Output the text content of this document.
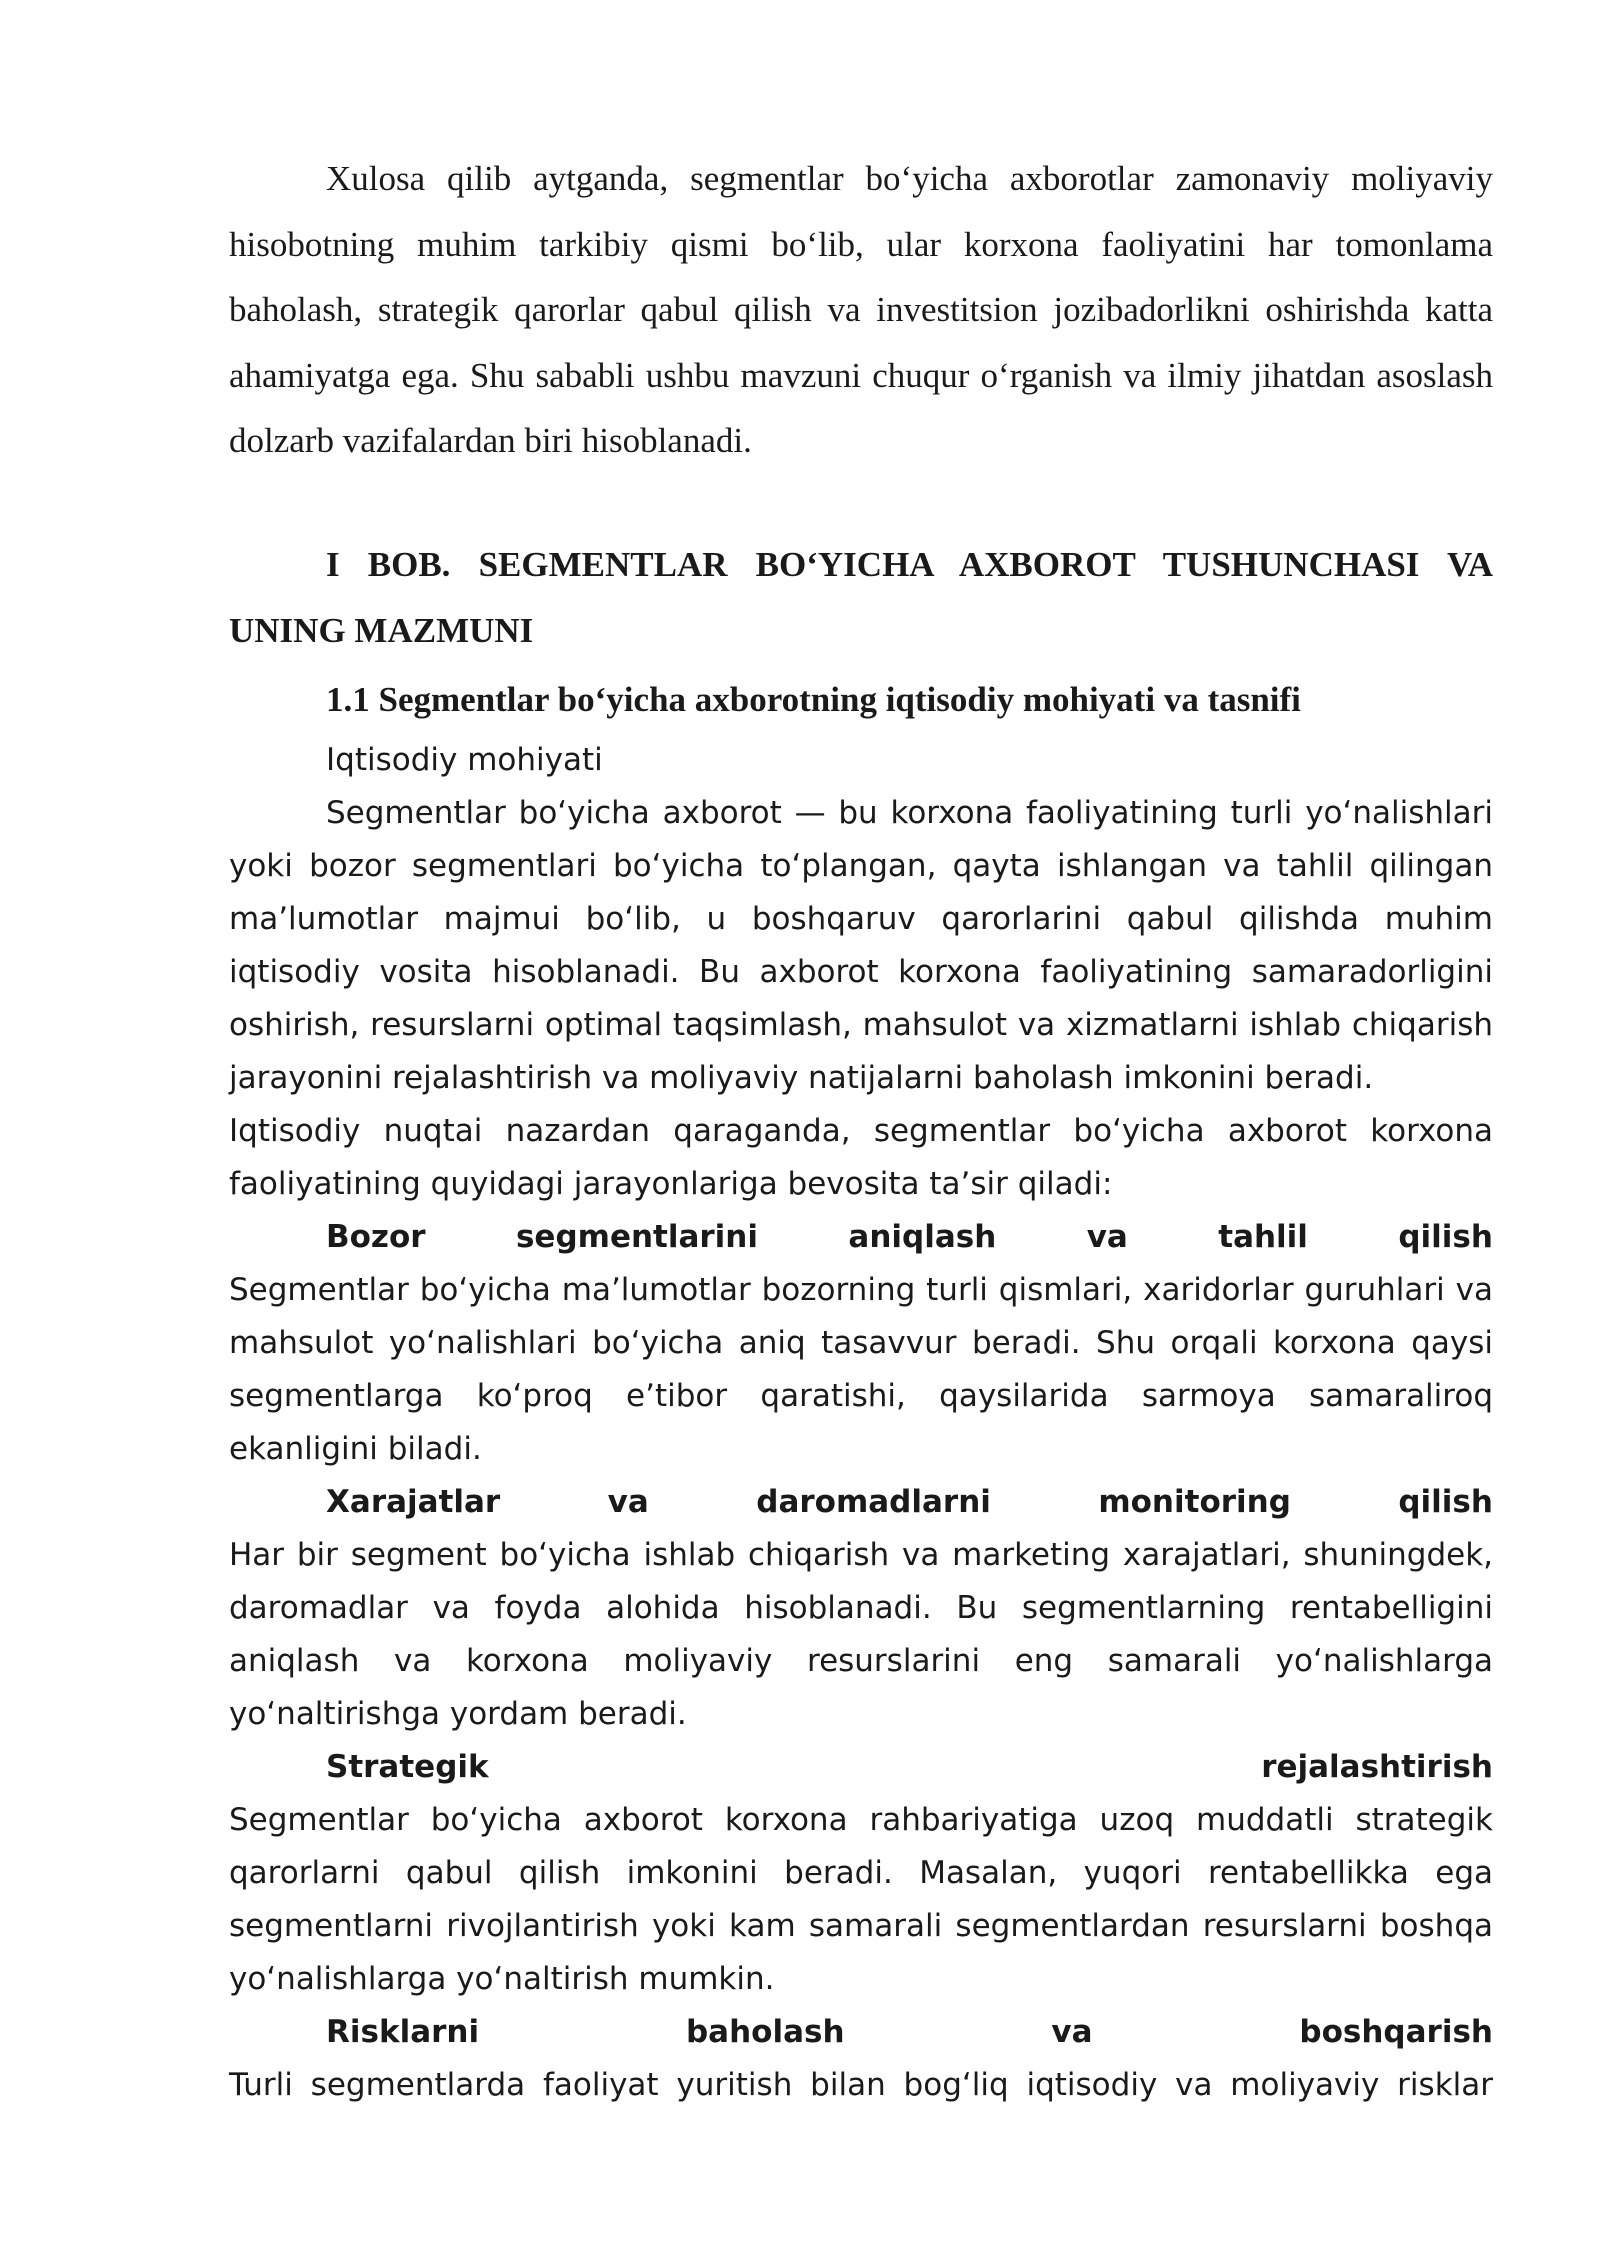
Xulosa qilib aytganda, segmentlar bo‘yicha axborotlar zamonaviy moliyaviy hisobotning muhim tarkibiy qismi bo‘lib, ular korxona faoliyatini har tomonlama baholash, strategik qarorlar qabul qilish va investitsion jozibadorlikni oshirishda katta ahamiyatga ega. Shu sababli ushbu mavzuni chuqur o‘rganish va ilmiy jihatdan asoslash dolzarb vazifalardan biri hisoblanadi.

I BOB. SEGMENTLAR BO‘YICHA AXBOROT TUSHUNCHASI VA UNING MAZMUNI
1.1 Segmentlar bo‘yicha axborotning iqtisodiy mohiyati va tasnifi
Iqtisodiy mohiyati

Segmentlar bo‘yicha axborot — bu korxona faoliyatining turli yo‘nalishlari yoki bozor segmentlari bo‘yicha to‘plangan, qayta ishlangan va tahlil qilingan ma’lumotlar majmui bo‘lib, u boshqaruv qarorlarini qabul qilishda muhim iqtisodiy vosita hisoblanadi. Bu axborot korxona faoliyatining samaradorligini oshirish, resurslarni optimal taqsimlash, mahsulot va xizmatlarni ishlab chiqarish jarayonini rejalashtirish va moliyaviy natijalarni baholash imkonini beradi.

Iqtisodiy nuqtai nazardan qaraganda, segmentlar bo‘yicha axborot korxona faoliyatining quyidagi jarayonlariga bevosita ta’sir qiladi:

Bozor	segmentlarini	aniqlash	va	tahlil	qilish

Segmentlar bo‘yicha ma’lumotlar bozorning turli qismlari, xaridorlar guruhlari va mahsulot yo‘nalishlari bo‘yicha aniq tasavvur beradi. Shu orqali korxona qaysi segmentlarga ko‘proq e’tibor qaratishi, qaysilarida sarmoya samaraliroq ekanligini biladi.

Xarajatlar	va	daromadlarni	monitoring	qilish

Har bir segment bo‘yicha ishlab chiqarish va marketing xarajatlari, shuningdek, daromadlar va foyda alohida hisoblanadi. Bu segmentlarning rentabelligini aniqlash va korxona moliyaviy resurslarini eng samarali yo‘nalishlarga yo‘naltirishga yordam beradi.

Strategik	rejalashtirish

Segmentlar bo‘yicha axborot korxona rahbariyatiga uzoq muddatli strategik qarorlarni qabul qilish imkonini beradi. Masalan, yuqori rentabellikka ega segmentlarni rivojlantirish yoki kam samarali segmentlardan resurslarni boshqa yo‘nalishlarga yo‘naltirish mumkin.

Risklarni	baholash	va	boshqarish

Turli segmentlarda faoliyat yuritish bilan bog‘liq iqtisodiy va moliyaviy risklar
